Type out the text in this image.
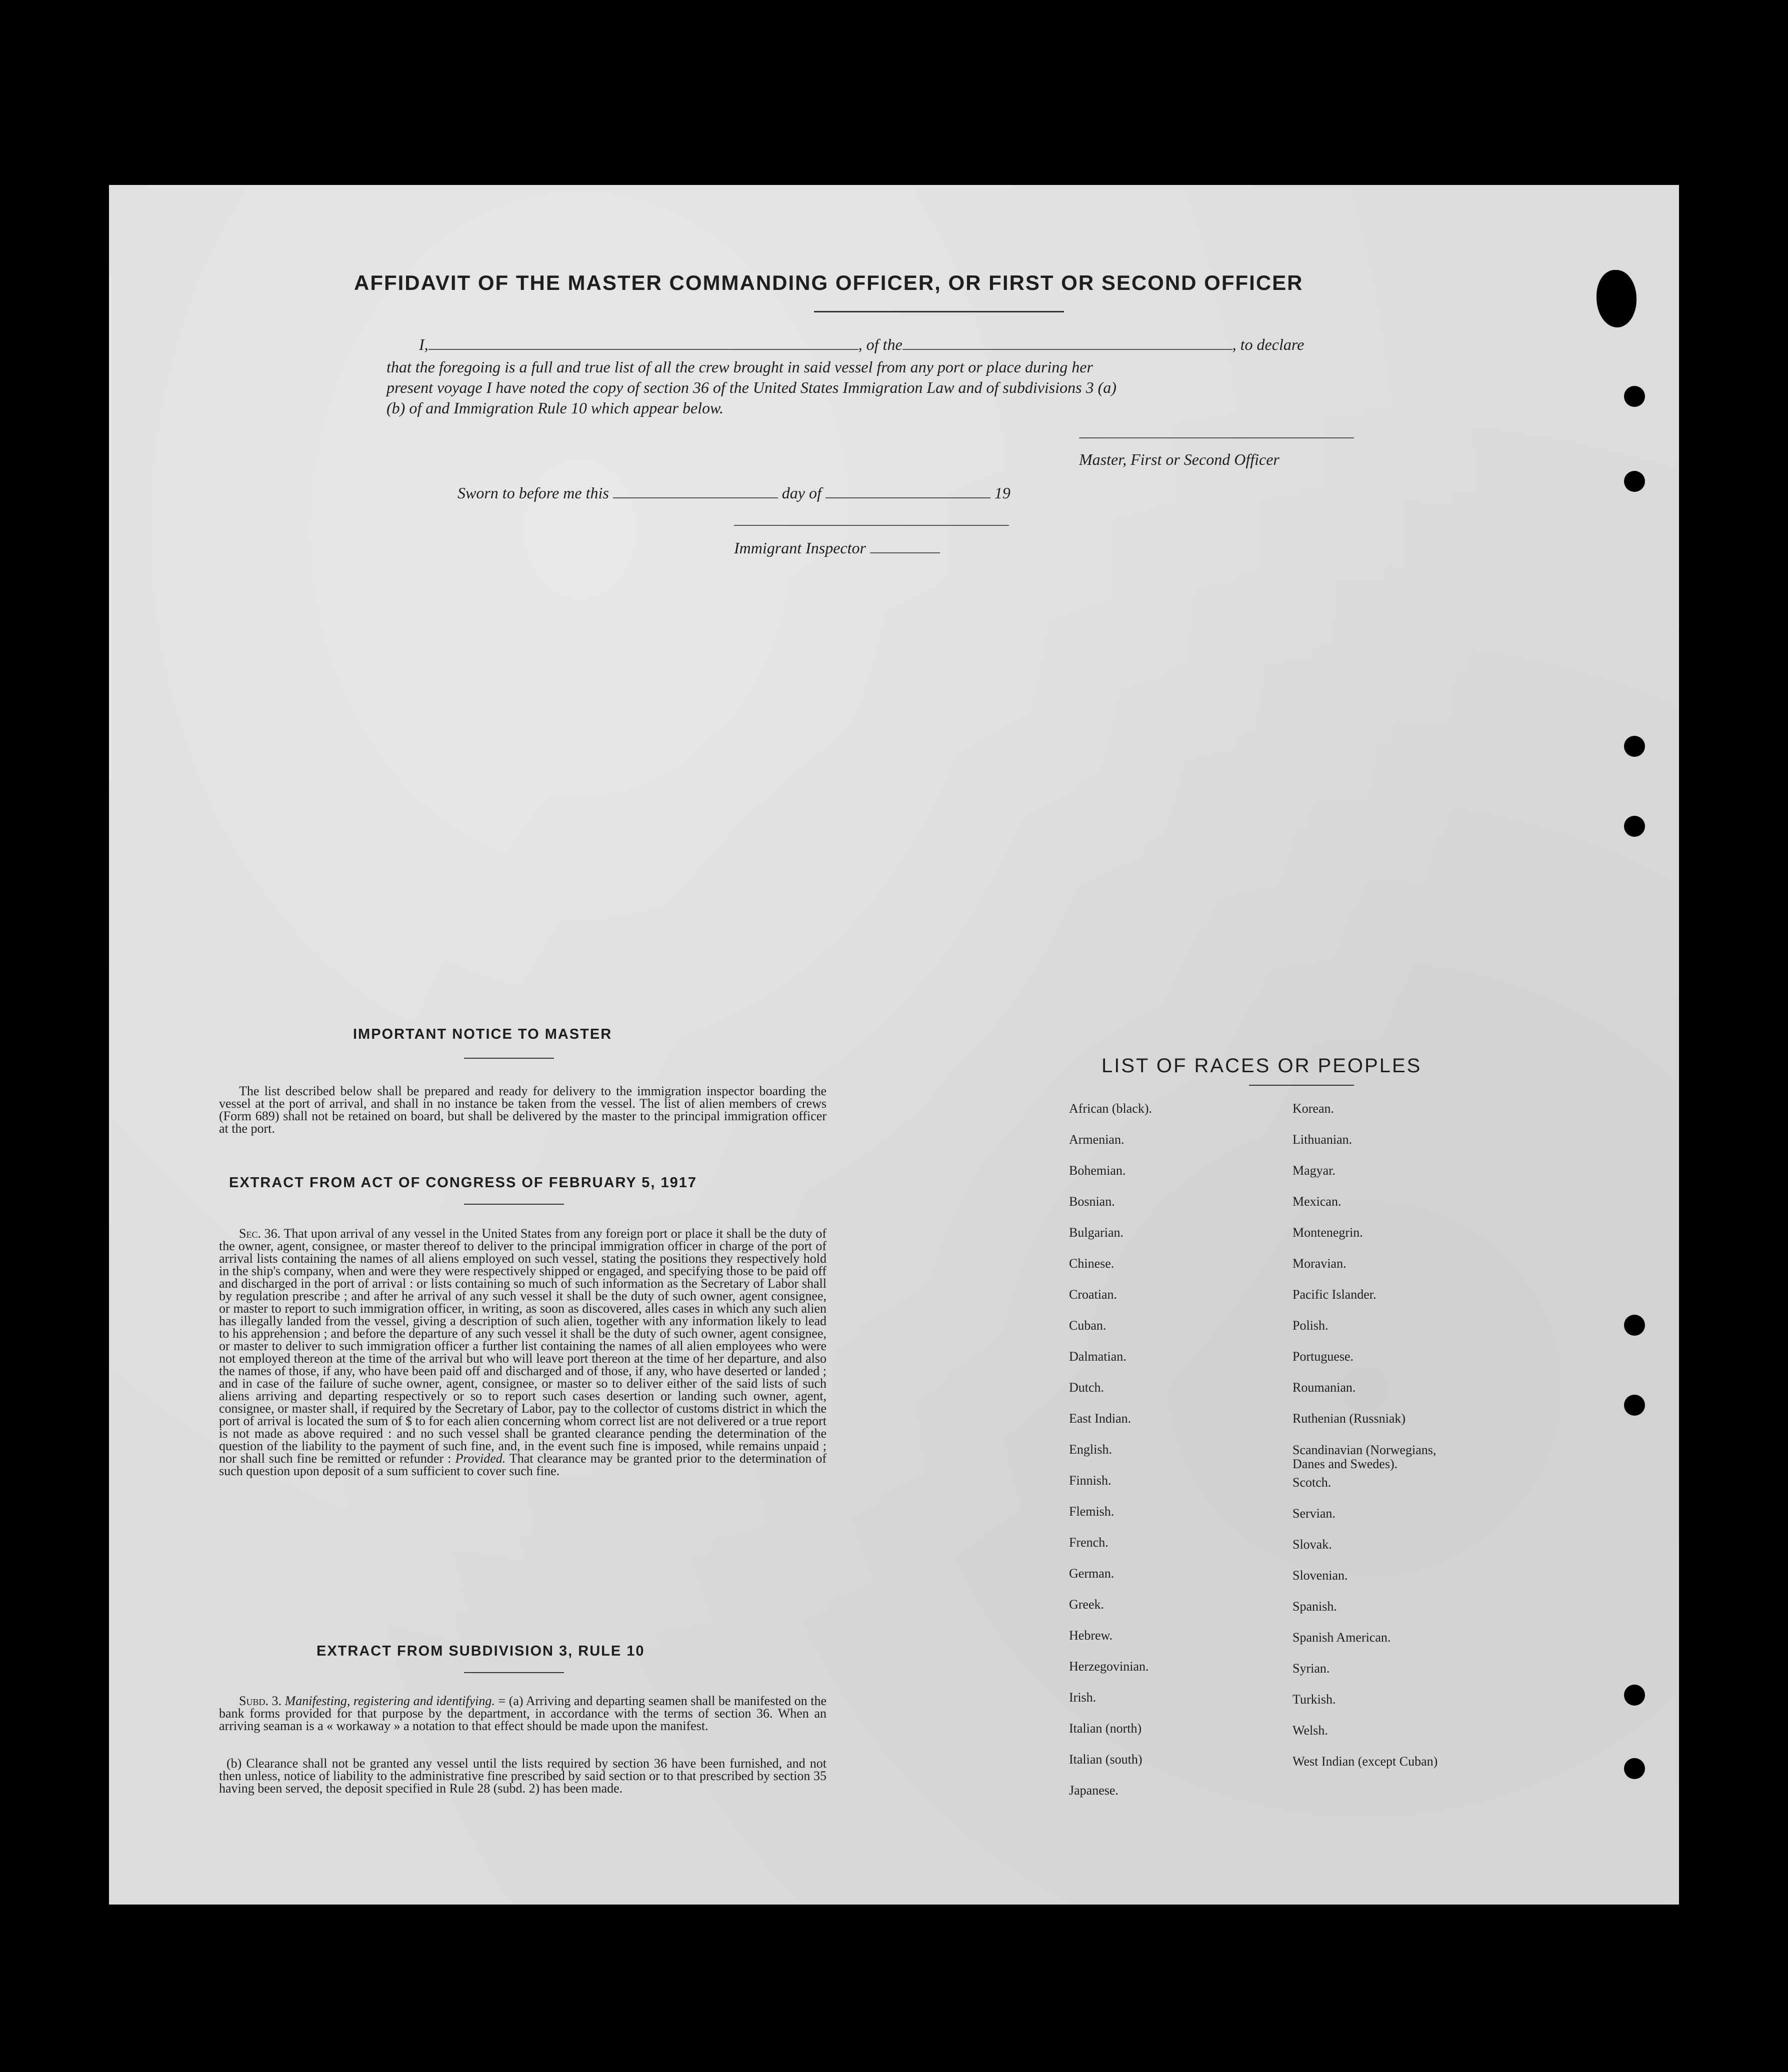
AFFIDAVIT OF THE MASTER COMMANDING OFFICER, OR FIRST OR SECOND OFFICER
I,	, of the	, to declare
that the foregoing is a full and true list of all the crew brought in said vessel from any port or place during her
present voyage I have noted the copy of section 36 of the United States Immigration Law and of subdivisions 3 (a)
(b) of and Immigration Rule 10 which appear below.
Master, First or Second Officer
Sworn to before me this	day of	19
Immigrant Inspector
IMPORTANT NOTICE TO MASTER
The list described below shall be prepared and ready for delivery to the immigration inspector boarding the vessel at the port of arrival, and shall in no instance be taken from the vessel. The list of alien members of crews (Form 689) shall not be retained on board, but shall be delivered by the master to the principal immigration officer at the port.
EXTRACT FROM ACT OF CONGRESS OF FEBRUARY 5, 1917
Sec. 36. That upon arrival of any vessel in the United States from any foreign port or place it shall be the duty of the owner, agent, consignee, or master thereof to deliver to the principal immigration officer in charge of the port of arrival lists containing the names of all aliens employed on such vessel, stating the positions they respectively hold in the ship's company, when and were they were respectively shipped or engaged, and specifying those to be paid off and discharged in the port of arrival : or lists containing so much of such information as the Secretary of Labor shall by regulation prescribe ; and after he arrival of any such vessel it shall be the duty of such owner, agent consignee, or master to report to such immigration officer, in writing, as soon as discovered, alles cases in which any such alien has illegally landed from the vessel, giving a description of such alien, together with any information likely to lead to his apprehension ; and before the departure of any such vessel it shall be the duty of such owner, agent consignee, or master to deliver to such immigration officer a further list containing the names of all alien employees who were not employed thereon at the time of the arrival but who will leave port thereon at the time of her departure, and also the names of those, if any, who have been paid off and discharged and of those, if any, who have deserted or landed ; and in case of the failure of suche owner, agent, consignee, or master so to deliver either of the said lists of such aliens arriving and departing respectively or so to report such cases desertion or landing such owner, agent, consignee, or master shall, if required by the Secretary of Labor, pay to the collector of customs district in which the port of arrival is located the sum of $ to for each alien concerning whom correct list are not delivered or a true report is not made as above required : and no such vessel shall be granted clearance pending the determination of the question of the liability to the payment of such fine, and, in the event such fine is imposed, while remains unpaid ; nor shall such fine be remitted or refunder : Provided. That clearance may be granted prior to the determination of such question upon deposit of a sum sufficient to cover such fine.
EXTRACT FROM SUBDIVISION 3, RULE 10
Subd. 3. Manifesting, registering and identifying. = (a) Arriving and departing seamen shall be manifested on the bank forms provided for that purpose by the department, in accordance with the terms of section 36. When an arriving seaman is a « workaway » a notation to that effect should be made upon the manifest.
(b) Clearance shall not be granted any vessel until the lists required by section 36 have been furnished, and not then unless, notice of liability to the administrative fine prescribed by said section or to that prescribed by section 35 having been served, the deposit specified in Rule 28 (subd. 2) has been made.
LIST OF RACES OR PEOPLES
African (black).
Armenian.
Bohemian.
Bosnian.
Bulgarian.
Chinese.
Croatian.
Cuban.
Dalmatian.
Dutch.
East Indian.
English.
Finnish.
Flemish.
French.
German.
Greek.
Hebrew.
Herzegovinian.
Irish.
Italian (north)
Italian (south)
Japanese.
Korean.
Lithuanian.
Magyar.
Mexican.
Montenegrin.
Moravian.
Pacific Islander.
Polish.
Portuguese.
Roumanian.
Ruthenian (Russniak)
Scandinavian (Norwegians, Danes and Swedes).
Scotch.
Servian.
Slovak.
Slovenian.
Spanish.
Spanish American.
Syrian.
Turkish.
Welsh.
West Indian (except Cuban)
